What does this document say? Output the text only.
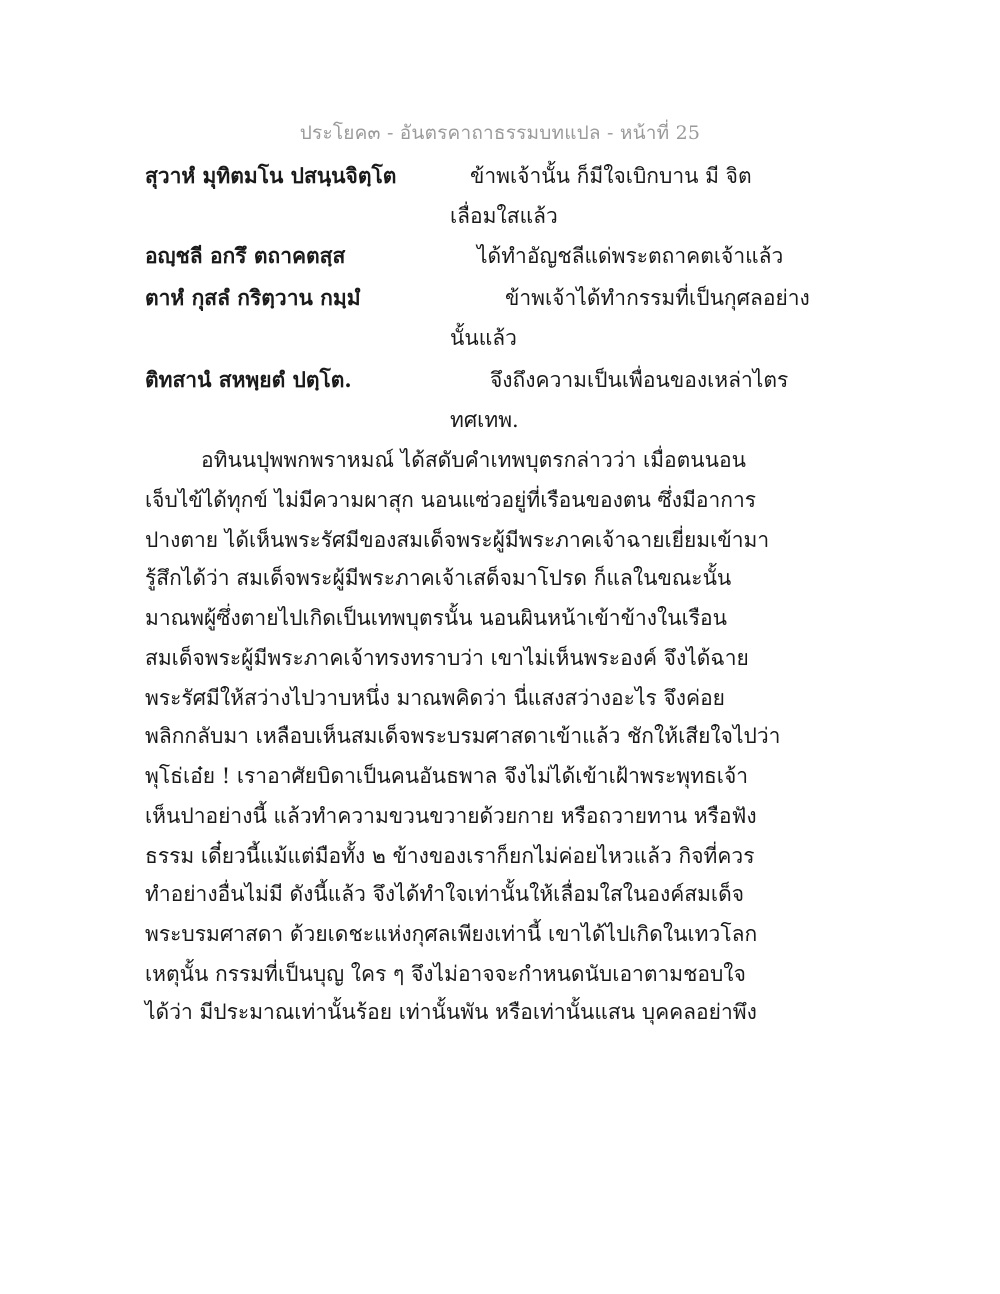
ประโยค๓ - อันตรคาถาธรรมบทแปล - หน้าที่ 25
สุวาหํ มุทิตมโน ปสนฺนจิตฺโต	ข้าพเจ้านั้น ก็มีใจเบิกบาน มี จิต
เลื่อมใสแล้ว
อญฺชลี อกรึ ตถาคตสฺส	ได้ทำอัญชลีแด่พระตถาคตเจ้าแล้ว
ตาหํ กุสลํ กริตฺวาน กมฺมํ	ข้าพเจ้าได้ทำกรรมที่เป็นกุศลอย่าง
นั้นแล้ว
ติทสานํ สหพฺยตํ ปตฺโต.	จึงถึงความเป็นเพื่อนของเหล่าไตร
ทศเทพ.
อทินนปุพพกพราหมณ์ ได้สดับคำเทพบุตรกล่าวว่า เมื่อตนนอน
เจ็บไข้ได้ทุกข์ ไม่มีความผาสุก นอนแซ่วอยู่ที่เรือนของตน ซึ่งมีอาการ
ปางตาย ได้เห็นพระรัศมีของสมเด็จพระผู้มีพระภาคเจ้าฉายเยี่ยมเข้ามา
รู้สึกได้ว่า สมเด็จพระผู้มีพระภาคเจ้าเสด็จมาโปรด ก็แลในขณะนั้น
มาณพผู้ซึ่งตายไปเกิดเป็นเทพบุตรนั้น นอนผินหน้าเข้าข้างในเรือน
สมเด็จพระผู้มีพระภาคเจ้าทรงทราบว่า เขาไม่เห็นพระองค์ จึงได้ฉาย
พระรัศมีให้สว่างไปวาบหนึ่ง มาณพคิดว่า นี่แสงสว่างอะไร จึงค่อย
พลิกกลับมา เหลือบเห็นสมเด็จพระบรมศาสดาเข้าแล้ว ชักให้เสียใจไปว่า
พุโธ่เอ๋ย ! เราอาศัยบิดาเป็นคนอันธพาล จึงไม่ได้เข้าเฝ้าพระพุทธเจ้า
เห็นปาอย่างนี้ แล้วทำความขวนขวายด้วยกาย หรือถวายทาน หรือฟัง
ธรรม เดี๋ยวนี้แม้แต่มือทั้ง ๒ ข้างของเราก็ยกไม่ค่อยไหวแล้ว กิจที่ควร
ทำอย่างอื่นไม่มี ดังนี้แล้ว จึงได้ทำใจเท่านั้นให้เลื่อมใสในองค์สมเด็จ
พระบรมศาสดา ด้วยเดชะแห่งกุศลเพียงเท่านี้ เขาได้ไปเกิดในเทวโลก
เหตุนั้น กรรมที่เป็นบุญ ใคร ๆ จึงไม่อาจจะกำหนดนับเอาตามชอบใจ
ได้ว่า มีประมาณเท่านั้นร้อย เท่านั้นพัน หรือเท่านั้นแสน บุคคลอย่าพึง
